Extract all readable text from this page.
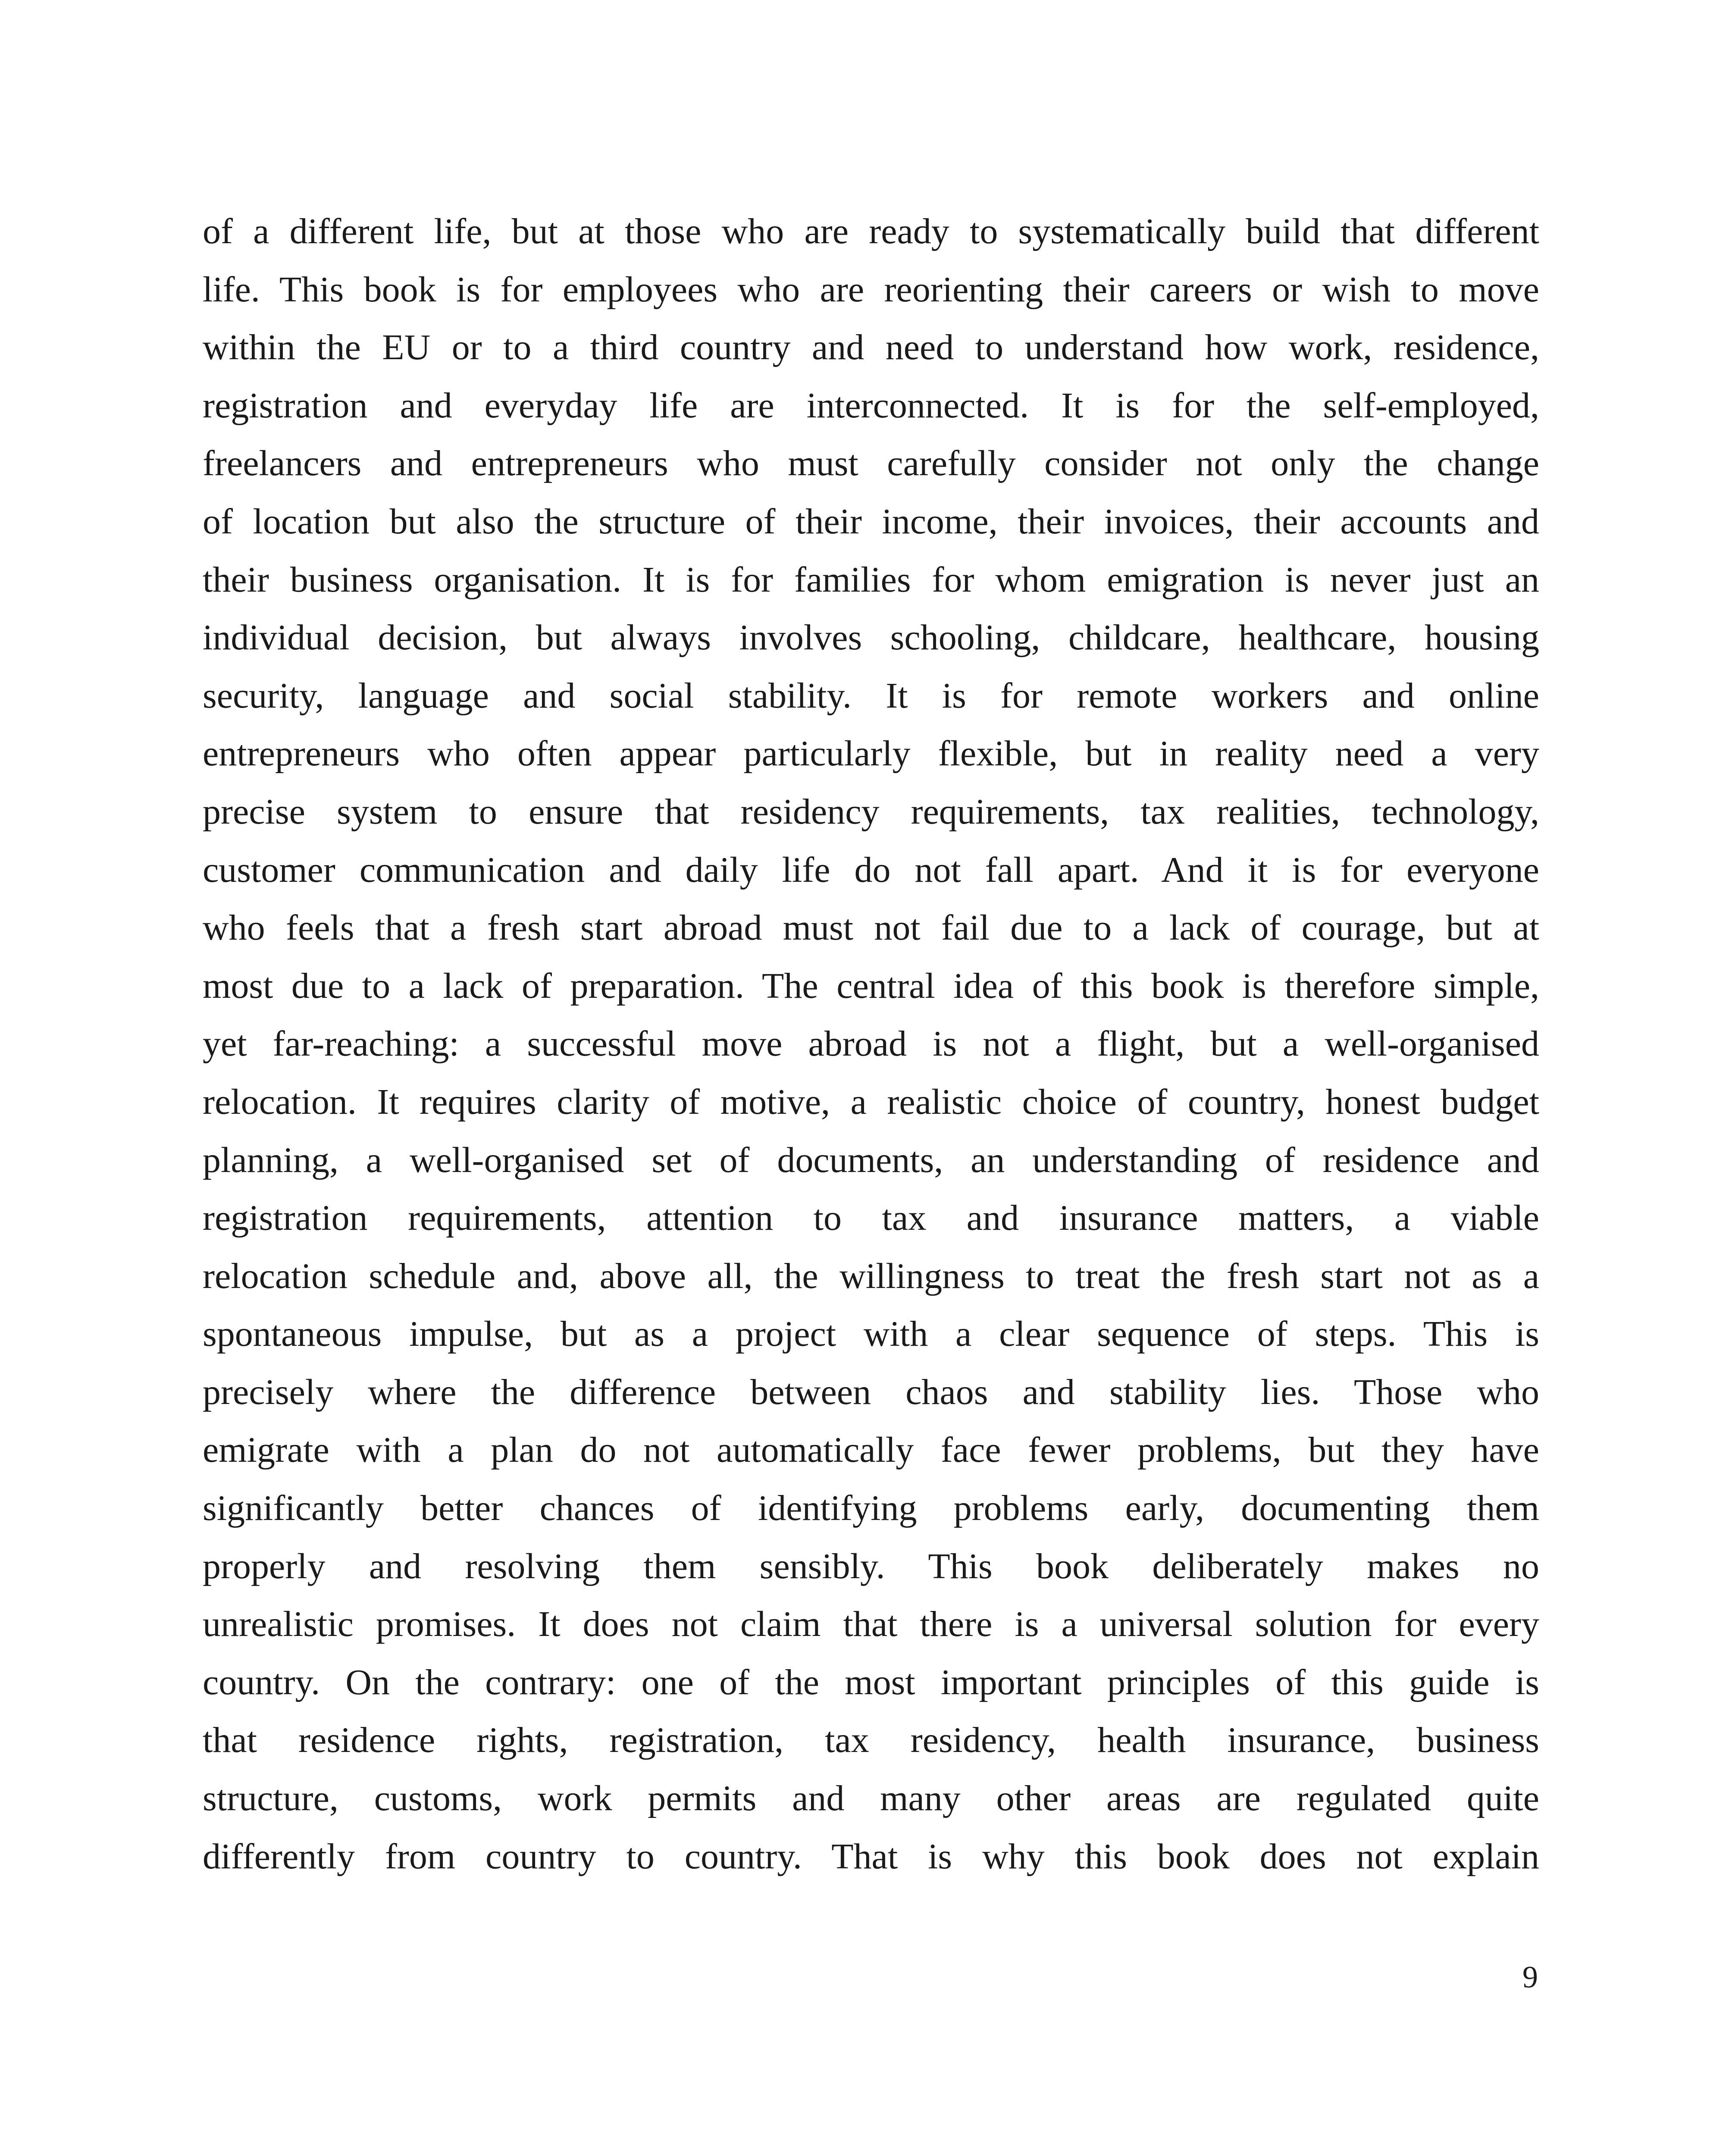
of a different life, but at those who are ready to systematically build that different
life. This book is for employees who are reorienting their careers or wish to move
within the EU or to a third country and need to understand how work, residence,
registration and everyday life are interconnected. It is for the self-employed,
freelancers and entrepreneurs who must carefully consider not only the change
of location but also the structure of their income, their invoices, their accounts and
their business organisation. It is for families for whom emigration is never just an
individual decision, but always involves schooling, childcare, healthcare, housing
security, language and social stability. It is for remote workers and online
entrepreneurs who often appear particularly flexible, but in reality need a very
precise system to ensure that residency requirements, tax realities, technology,
customer communication and daily life do not fall apart. And it is for everyone
who feels that a fresh start abroad must not fail due to a lack of courage, but at
most due to a lack of preparation. The central idea of this book is therefore simple,
yet far-reaching: a successful move abroad is not a flight, but a well-organised
relocation. It requires clarity of motive, a realistic choice of country, honest budget
planning, a well-organised set of documents, an understanding of residence and
registration requirements, attention to tax and insurance matters, a viable
relocation schedule and, above all, the willingness to treat the fresh start not as a
spontaneous impulse, but as a project with a clear sequence of steps. This is
precisely where the difference between chaos and stability lies. Those who
emigrate with a plan do not automatically face fewer problems, but they have
significantly better chances of identifying problems early, documenting them
properly and resolving them sensibly. This book deliberately makes no
unrealistic promises. It does not claim that there is a universal solution for every
country. On the contrary: one of the most important principles of this guide is
that residence rights, registration, tax residency, health insurance, business
structure, customs, work permits and many other areas are regulated quite
differently from country to country. That is why this book does not explain
9
